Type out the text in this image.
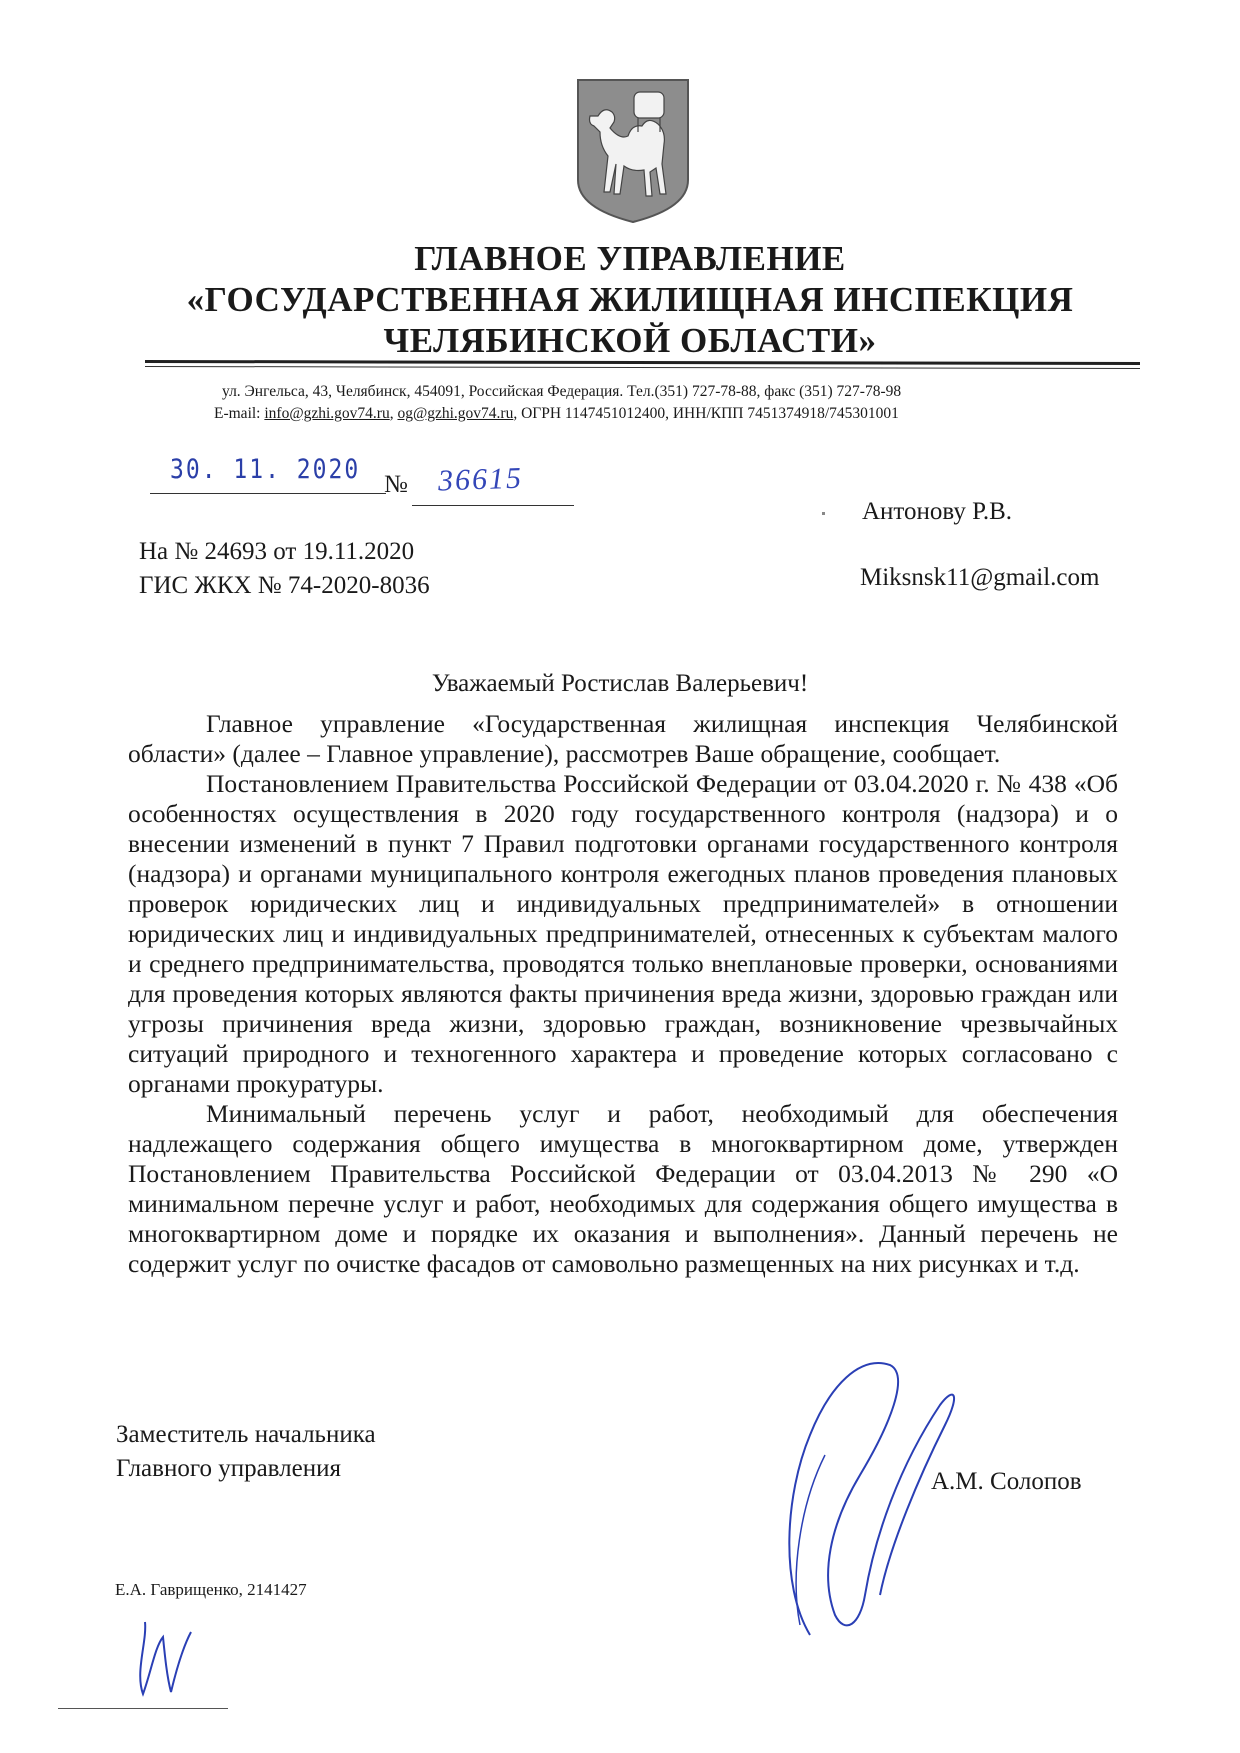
ГЛАВНОЕ УПРАВЛЕНИЕ
«ГОСУДАРСТВЕННАЯ ЖИЛИЩНАЯ ИНСПЕКЦИЯ
ЧЕЛЯБИНСКОЙ ОБЛАСТИ»
ул. Энгельса, 43, Челябинск, 454091, Российская Федерация. Тел.(351) 727-78-88, факс (351) 727-78-98
E-mail: info@gzhi.gov74.ru, og@gzhi.gov74.ru, ОГРН 1147451012400, ИНН/КПП 7451374918/745301001
30. 11. 2020 № 36615
На № 24693 от 19.11.2020
ГИС ЖКХ № 74-2020-8036
Антонову Р.В.
Miksnsk11@gmail.com
Уважаемый Ростислав Валерьевич!

Главное управление «Государственная жилищная инспекция Челябинской области» (далее – Главное управление), рассмотрев Ваше обращение, сообщает.

Постановлением Правительства Российской Федерации от 03.04.2020 г. № 438 «Об особенностях осуществления в 2020 году государственного контроля (надзора) и о внесении изменений в пункт 7 Правил подготовки органами государственного контроля (надзора) и органами муниципального контроля ежегодных планов проведения плановых проверок юридических лиц и индивидуальных предпринимателей» в отношении юридических лиц и индивидуальных предпринимателей, отнесенных к субъектам малого и среднего предпринимательства, проводятся только внеплановые проверки, основаниями для проведения которых являются факты причинения вреда жизни, здоровью граждан или угрозы причинения вреда жизни, здоровью граждан, возникновение чрезвычайных ситуаций природного и техногенного характера и проведение которых согласовано с органами прокуратуры.

Минимальный перечень услуг и работ, необходимый для обеспечения надлежащего содержания общего имущества в многоквартирном доме, утвержден Постановлением Правительства Российской Федерации от 03.04.2013 № 290 «О минимальном перечне услуг и работ, необходимых для содержания общего имущества в многоквартирном доме и порядке их оказания и выполнения». Данный перечень не содержит услуг по очистке фасадов от самовольно размещенных на них рисунках и т.д.

Заместитель начальника
Главного управления	А.М. Солопов
Е.А. Гаврищенко, 2141427
